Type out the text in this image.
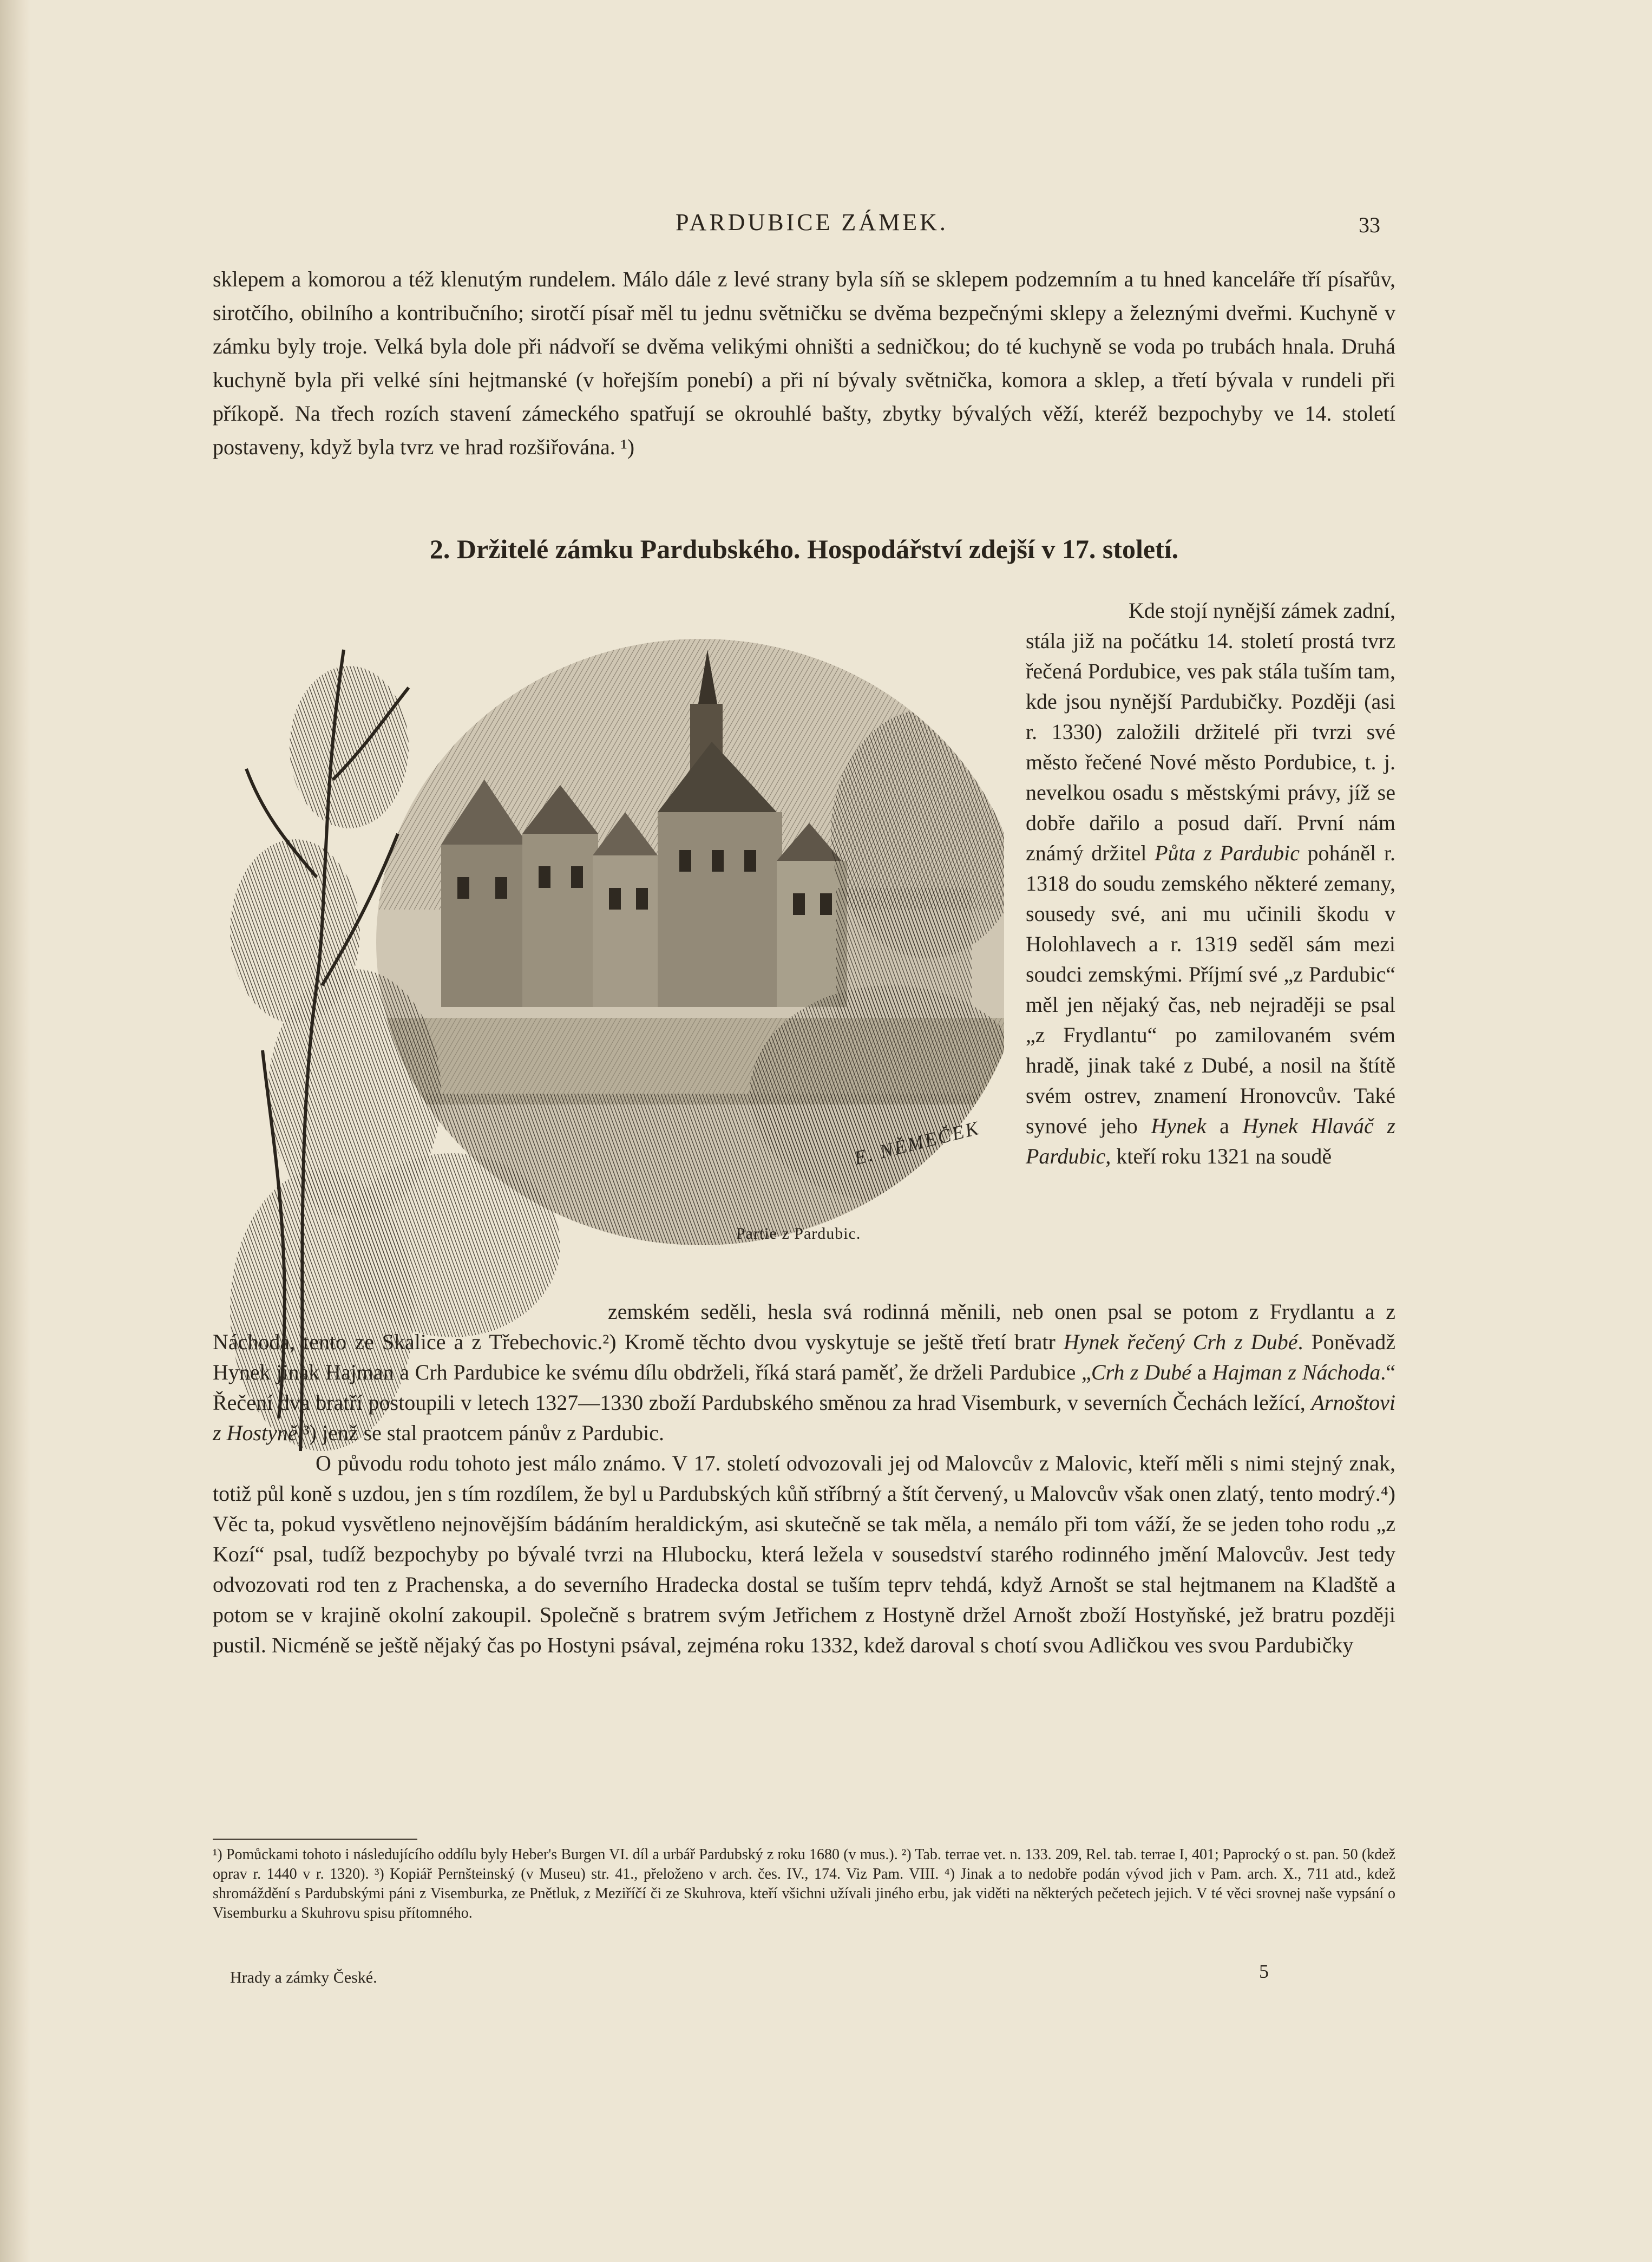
PARDUBICE ZÁMEK.	33
sklepem a komorou a též klenutým rundelem. Málo dále z levé strany byla síň se sklepem podzemním a tu hned kanceláře tří písařův, sirotčího, obilního a kontribučního; sirotčí písař měl tu jednu světničku se dvěma bezpečnými sklepy a železnými dveřmi. Kuchyně v zámku byly troje. Velká byla dole při nádvoří se dvěma velikými ohništi a sedničkou; do té kuchyně se voda po trubách hnala. Druhá kuchyně byla při velké síni hejtmanské (v hořejším ponebí) a při ní bývaly světnička, komora a sklep, a třetí bývala v rundeli při příkopě. Na třech rozích stavení zámeckého spatřují se okrouhlé bašty, zbytky bývalých věží, kteréž bezpochyby ve 14. století postaveny, když byla tvrz ve hrad rozšiřována. ¹)
2. Držitelé zámku Pardubského. Hospodářství zdejší v 17. století.
E. NĚMEČEK
Partie z Pardubic.

Kde stojí nynější zámek zadní, stála již na počátku 14. století prostá tvrz řečená Pordubice, ves pak stála tuším tam, kde jsou nynější Pardubičky. Později (asi r. 1330) založili držitelé při tvrzi své město řečené Nové město Pordubice, t. j. nevelkou osadu s městskými právy, jíž se dobře dařilo a posud daří. První nám známý držitel Půta z Pardubic poháněl r. 1318 do soudu zemského některé zemany, sousedy své, ani mu učinili škodu v Holohlavech a r. 1319 seděl sám mezi soudci zemskými. Příjmí své „z Pardubic“ měl jen nějaký čas, neb nejraději se psal „z Frydlantu“ po zamilovaném svém hradě, jinak také z Dubé, a nosil na štítě svém ostrev, znamení Hronovcův. Také synové jeho Hynek a Hynek Hlaváč z Pardubic, kteří roku 1321 na soudě

zemském seděli, hesla svá rodinná měnili, neb onen psal se potom z Frydlantu a z Náchoda, tento ze Skalice a z Třebechovic.²) Kromě těchto dvou vyskytuje se ještě třetí bratr Hynek řečený Crh z Dubé. Poněvadž Hynek jinak Hajman a Crh Pardubice ke svému dílu obdrželi, říká stará paměť, že drželi Pardubice „Crh z Dubé a Hajman z Náchoda.“ Řečení dva bratří postoupili v letech 1327—1330 zboží Pardubského směnou za hrad Visemburk, v severních Čechách ležící, Arnoštovi z Hostyně,³) jenž se stal praotcem pánův z Pardubic.

O původu rodu tohoto jest málo známo. V 17. století odvozovali jej od Malovcův z Malovic, kteří měli s nimi stejný znak, totiž půl koně s uzdou, jen s tím rozdílem, že byl u Pardubských kůň stříbrný a štít červený, u Malovcův však onen zlatý, tento modrý.⁴) Věc ta, pokud vysvětleno nejnovějším bádáním heraldickým, asi skutečně se tak měla, a nemálo při tom váží, že se jeden toho rodu „z Kozí“ psal, tudíž bezpochyby po bývalé tvrzi na Hlubocku, která ležela v sousedství starého rodinného jmění Malovcův. Jest tedy odvozovati rod ten z Prachenska, a do severního Hradecka dostal se tuším teprv tehdá, když Arnošt se stal hejtmanem na Kladště a potom se v krajině okolní zakoupil. Společně s bratrem svým Jetřichem z Hostyně držel Arnošt zboží Hostyňské, jež bratru později pustil. Nicméně se ještě nějaký čas po Hostyni psával, zejména roku 1332, kdež daroval s chotí svou Adličkou ves svou Pardubičky

¹) Pomůckami tohoto i následujícího oddílu byly Heber's Burgen VI. díl a urbář Pardubský z roku 1680 (v mus.). ²) Tab. terrae vet. n. 133. 209, Rel. tab. terrae I, 401; Paprocký o st. pan. 50 (kdež oprav r. 1440 v r. 1320). ³) Kopiář Pernšteinský (v Museu) str. 41., přeloženo v arch. čes. IV., 174. Viz Pam. VIII. ⁴) Jinak a to nedobře podán vývod jich v Pam. arch. X., 711 atd., kdež shromáždění s Pardubskými páni z Visemburka, ze Pnětluk, z Meziříčí či ze Skuhrova, kteří všichni užívali jiného erbu, jak viděti na některých pečetech jejich. V té věci srovnej naše vypsání o Visemburku a Skuhrovu spisu přítomného.
Hrady a zámky České.	5
